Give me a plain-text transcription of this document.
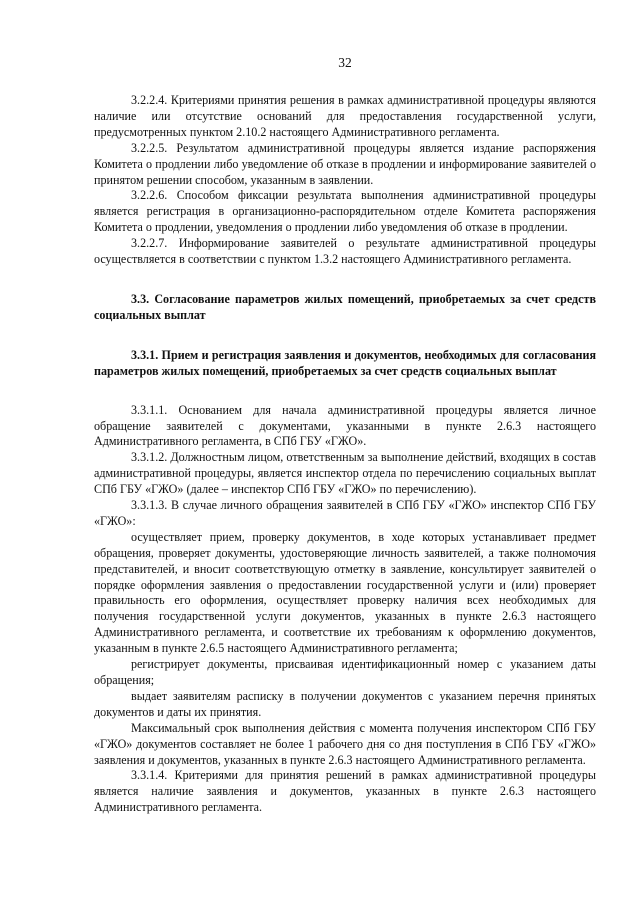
32

3.2.2.4. Критериями принятия решения в рамках административной процедуры являются наличие или отсутствие оснований для предоставления государственной услуги, предусмотренных пунктом 2.10.2 настоящего Административного регламента.

3.2.2.5. Результатом административной процедуры является издание распоряжения Комитета о продлении либо уведомление об отказе в продлении и информирование заявителей о принятом решении способом, указанным в заявлении.

3.2.2.6. Способом фиксации результата выполнения административной процедуры является регистрация в организационно-распорядительном отделе Комитета распоряжения Комитета о продлении, уведомления о продлении либо уведомления об отказе в продлении.

3.2.2.7. Информирование заявителей о результате административной процедуры осуществляется в соответствии с пунктом 1.3.2 настоящего Административного регламента.

3.3. Согласование параметров жилых помещений, приобретаемых за счет средств социальных выплат

3.3.1. Прием и регистрация заявления и документов, необходимых для согласования параметров жилых помещений, приобретаемых за счет средств социальных выплат

3.3.1.1. Основанием для начала административной процедуры является личное обращение заявителей с документами, указанными в пункте 2.6.3 настоящего Административного регламента, в СПб ГБУ «ГЖО».

3.3.1.2. Должностным лицом, ответственным за выполнение действий, входящих в состав административной процедуры, является инспектор отдела по перечислению социальных выплат СПб ГБУ «ГЖО» (далее – инспектор СПб ГБУ «ГЖО» по перечислению).

3.3.1.3. В случае личного обращения заявителей в СПб ГБУ «ГЖО» инспектор СПб ГБУ «ГЖО»:

осуществляет прием, проверку документов, в ходе которых устанавливает предмет обращения, проверяет документы, удостоверяющие личность заявителей, а также полномочия представителей, и вносит соответствующую отметку в заявление, консультирует заявителей о порядке оформления заявления о предоставлении государственной услуги и (или) проверяет правильность его оформления, осуществляет проверку наличия всех необходимых для получения государственной услуги документов, указанных в пункте 2.6.3 настоящего Административного регламента, и соответствие их требованиям к оформлению документов, указанным в пункте 2.6.5 настоящего Административного регламента;

регистрирует документы, присваивая идентификационный номер с указанием даты обращения;

выдает заявителям расписку в получении документов с указанием перечня принятых документов и даты их принятия.

Максимальный срок выполнения действия с момента получения инспектором СПб ГБУ «ГЖО» документов составляет не более 1 рабочего дня со дня поступления в СПб ГБУ «ГЖО» заявления и документов, указанных в пункте 2.6.3 настоящего Административного регламента.

3.3.1.4. Критериями для принятия решений в рамках административной процедуры является наличие заявления и документов, указанных в пункте 2.6.3 настоящего Административного регламента.
